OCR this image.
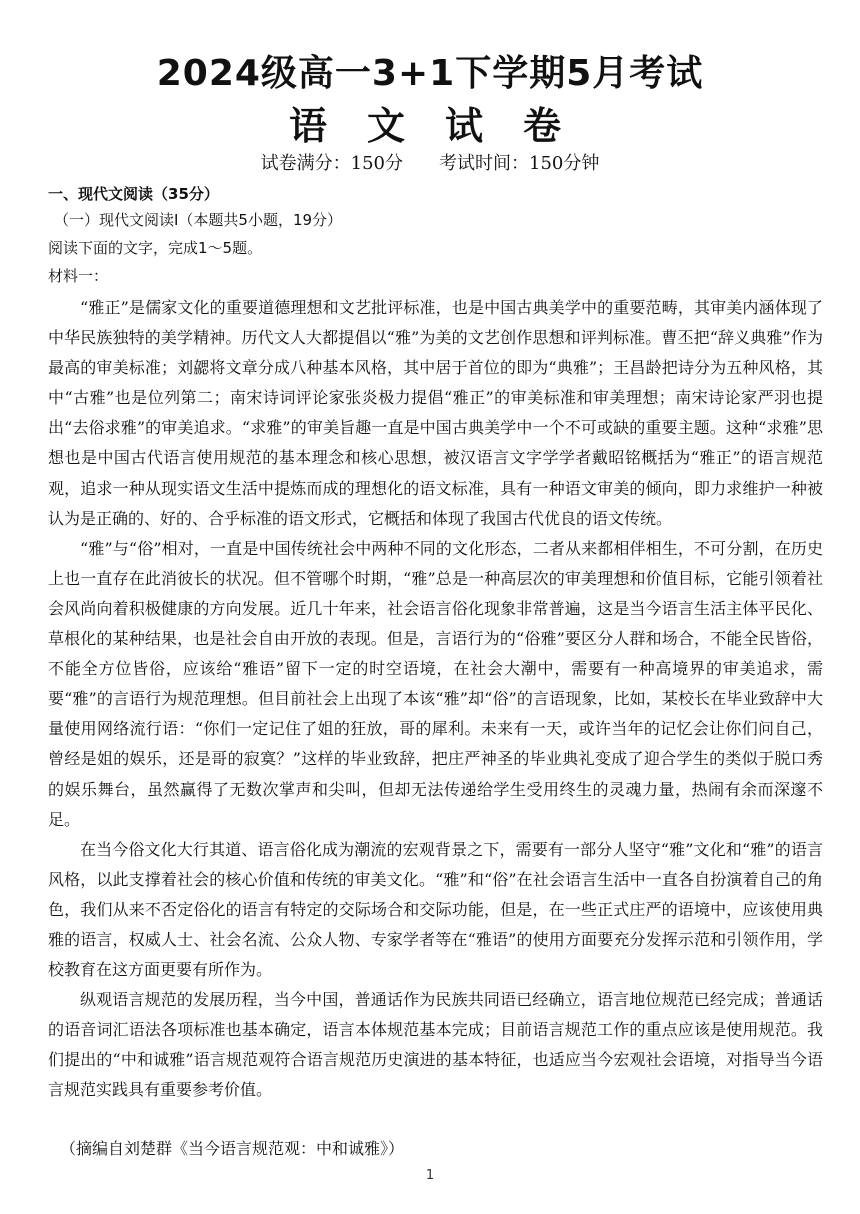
2024级高一3+1下学期5月考试
语文试卷
试卷满分：150分 考试时间：150分钟
一、现代文阅读（35分）
（一）现代文阅读Ⅰ（本题共5小题，19分）
阅读下面的文字，完成1～5题。
材料一：

“雅正”是儒家文化的重要道德理想和文艺批评标准，也是中国古典美学中的重要范畴，其审美内涵体现了中华民族独特的美学精神。历代文人大都提倡以“雅”为美的文艺创作思想和评判标准。曹丕把“辞义典雅”作为最高的审美标准；刘勰将文章分成八种基本风格，其中居于首位的即为“典雅”；王昌龄把诗分为五种风格，其中“古雅”也是位列第二；南宋诗词评论家张炎极力提倡“雅正”的审美标准和审美理想；南宋诗论家严羽也提出“去俗求雅”的审美追求。“求雅”的审美旨趣一直是中国古典美学中一个不可或缺的重要主题。这种“求雅”思想也是中国古代语言使用规范的基本理念和核心思想，被汉语言文字学学者戴昭铭概括为“雅正”的语言规范观，追求一种从现实语文生活中提炼而成的理想化的语文标准，具有一种语文审美的倾向，即力求维护一种被认为是正确的、好的、合乎标准的语文形式，它概括和体现了我国古代优良的语文传统。

“雅”与“俗”相对，一直是中国传统社会中两种不同的文化形态，二者从来都相伴相生，不可分割，在历史上也一直存在此消彼长的状况。但不管哪个时期，“雅”总是一种高层次的审美理想和价值目标，它能引领着社会风尚向着积极健康的方向发展。近几十年来，社会语言俗化现象非常普遍，这是当今语言生活主体平民化、草根化的某种结果，也是社会自由开放的表现。但是，言语行为的“俗雅”要区分人群和场合，不能全民皆俗，不能全方位皆俗，应该给“雅语”留下一定的时空语境，在社会大潮中，需要有一种高境界的审美追求，需要“雅”的言语行为规范理想。但目前社会上出现了本该“雅”却“俗”的言语现象，比如，某校长在毕业致辞中大量使用网络流行语：“你们一定记住了姐的狂放，哥的犀利。未来有一天，或许当年的记忆会让你们问自己，曾经是姐的娱乐，还是哥的寂寞？”这样的毕业致辞，把庄严神圣的毕业典礼变成了迎合学生的类似于脱口秀的娱乐舞台，虽然赢得了无数次掌声和尖叫，但却无法传递给学生受用终生的灵魂力量，热闹有余而深邃不足。

在当今俗文化大行其道、语言俗化成为潮流的宏观背景之下，需要有一部分人坚守“雅”文化和“雅”的语言风格，以此支撑着社会的核心价值和传统的审美文化。“雅”和“俗”在社会语言生活中一直各自扮演着自己的角色，我们从来不否定俗化的语言有特定的交际场合和交际功能，但是，在一些正式庄严的语境中，应该使用典雅的语言，权威人士、社会名流、公众人物、专家学者等在“雅语”的使用方面要充分发挥示范和引领作用，学校教育在这方面更要有所作为。

纵观语言规范的发展历程，当今中国，普通话作为民族共同语已经确立，语言地位规范已经完成；普通话的语音词汇语法各项标准也基本确定，语言本体规范基本完成；目前语言规范工作的重点应该是使用规范。我们提出的“中和诚雅”语言规范观符合语言规范历史演进的基本特征，也适应当今宏观社会语境，对指导当今语言规范实践具有重要参考价值。

（摘编自刘楚群《当今语言规范观：中和诚雅》）
1
